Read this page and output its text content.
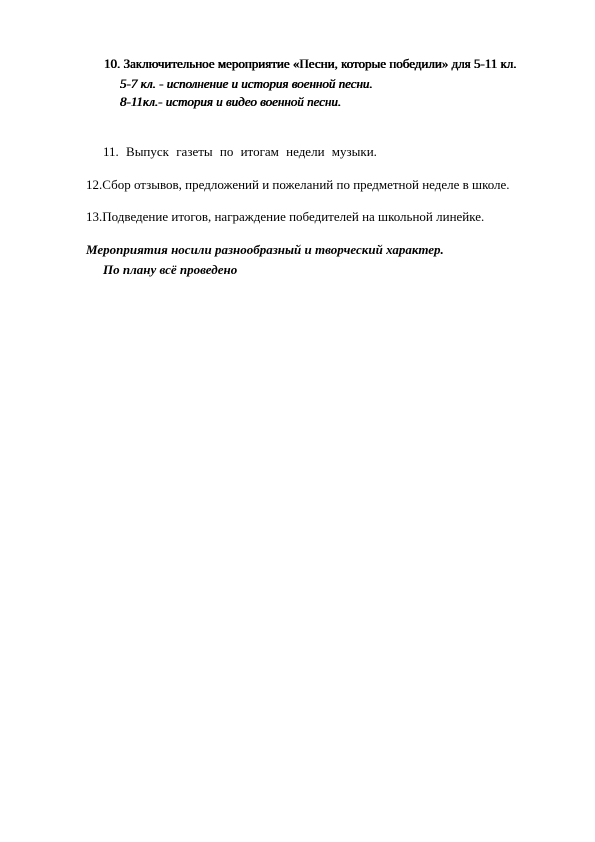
10. Заключительное мероприятие «Песни, которые победили» для 5-11 кл.
5-7 кл. - исполнение и история военной песни.
8-11кл.- история и видео военной песни.
11. Выпуск газеты по итогам недели музыки.
12.Сбор отзывов, предложений и пожеланий по предметной неделе в школе.
13.Подведение итогов, награждение победителей на школьной линейке.
Мероприятия носили разнообразный и творческий характер.
По плану всё проведено
